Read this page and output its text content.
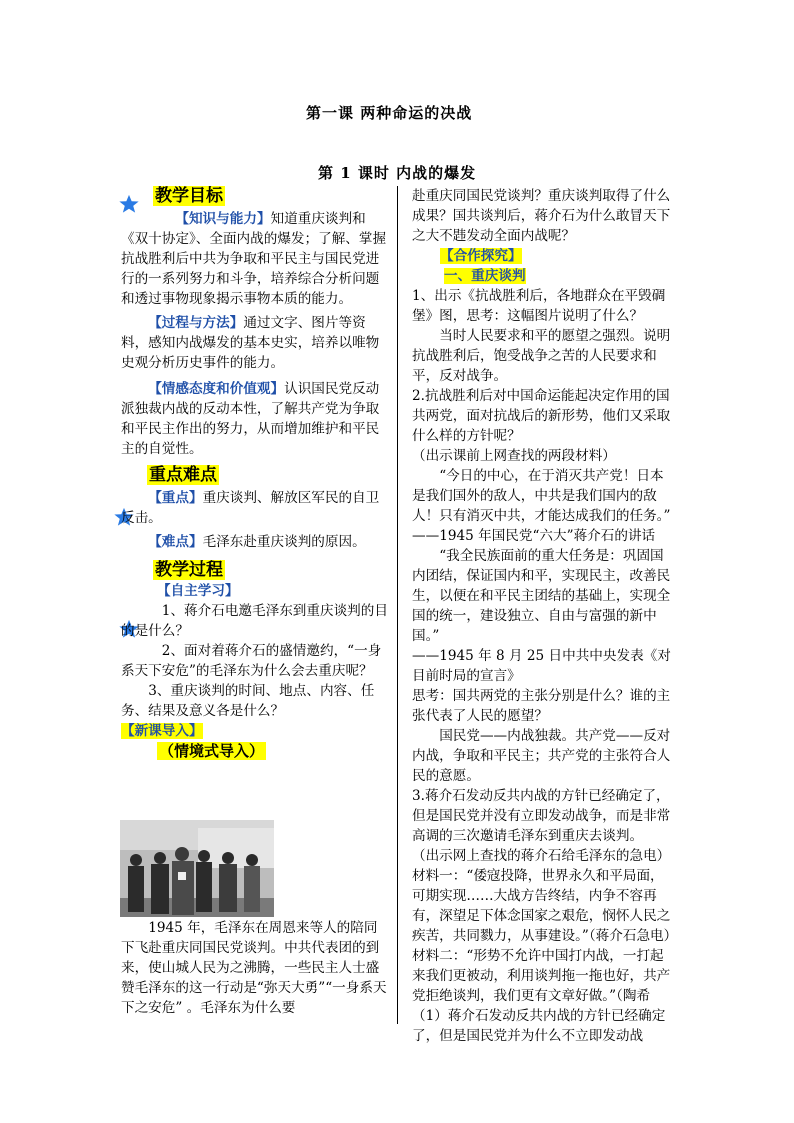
第一课 两种命运的决战
第 1 课时 内战的爆发

教学目标

【知识与能力】知道重庆谈判和《双十协定》、全面内战的爆发；了解、掌握抗战胜利后中共为争取和平民主与国民党进行的一系列努力和斗争，培养综合分析问题和透过事物现象揭示事物本质的能力。

【过程与方法】通过文字、图片等资料，感知内战爆发的基本史实，培养以唯物史观分析历史事件的能力。

【情感态度和价值观】认识国民党反动派独裁内战的反动本性，了解共产党为争取和平民主作出的努力，从而增加维护和平民主的自觉性。

重点难点

【重点】重庆谈判、解放区军民的自卫反击。

【难点】毛泽东赴重庆谈判的原因。

教学过程

【自主学习】

1、蒋介石电邀毛泽东到重庆谈判的目的是什么？

2、面对着蒋介石的盛情邀约，“一身系天下安危”的毛泽东为什么会去重庆呢？

3、重庆谈判的时间、地点、内容、任务、结果及意义各是什么？

【新课导入】

（情境式导入）

1945 年，毛泽东在周恩来等人的陪同下飞赴重庆同国民党谈判。中共代表团的到来，使山城人民为之沸腾，一些民主人士盛赞毛泽东的这一行动是“弥天大勇”“一身系天下之安危” 。毛泽东为什么要

赴重庆同国民党谈判？重庆谈判取得了什么成果？国共谈判后，蒋介石为什么敢冒天下之大不韪发动全面内战呢？

【合作探究】

一、重庆谈判

1、出示《抗战胜利后，各地群众在平毁碉堡》图，思考：这幅图片说明了什么？

当时人民要求和平的愿望之强烈。说明抗战胜利后，饱受战争之苦的人民要求和平，反对战争。

2.抗战胜利后对中国命运能起决定作用的国共两党，面对抗战后的新形势，他们又采取什么样的方针呢？

（出示课前上网查找的两段材料）

“今日的中心，在于消灭共产党！日本是我们国外的敌人，中共是我们国内的敌人！只有消灭中共，才能达成我们的任务。”

——1945 年国民党“六大”蒋介石的讲话

“我全民族面前的重大任务是：巩固国内团结，保证国内和平，实现民主，改善民生，以便在和平民主团结的基础上，实现全国的统一，建设独立、自由与富强的新中国。”

——1945 年 8 月 25 日中共中央发表《对目前时局的宣言》

思考：国共两党的主张分别是什么？谁的主张代表了人民的愿望？

国民党——内战独裁。共产党——反对内战，争取和平民主；共产党的主张符合人民的意愿。

3.蒋介石发动反共内战的方针已经确定了，但是国民党并没有立即发动战争，而是非常高调的三次邀请毛泽东到重庆去谈判。

（出示网上查找的蒋介石给毛泽东的急电）

材料一：“倭寇投降，世界永久和平局面，可期实现……大战方告终结，内争不容再有，深望足下体念国家之艰危，悯怀人民之疾苦，共同戮力，从事建设。”（蒋介石急电）

材料二：“形势不允许中国打内战，一打起来我们更被动，利用谈判拖一拖也好，共产党拒绝谈判，我们更有文章好做。”（陶希

（1）蒋介石发动反共内战的方针已经确定了，但是国民党并为什么不立即发动战
